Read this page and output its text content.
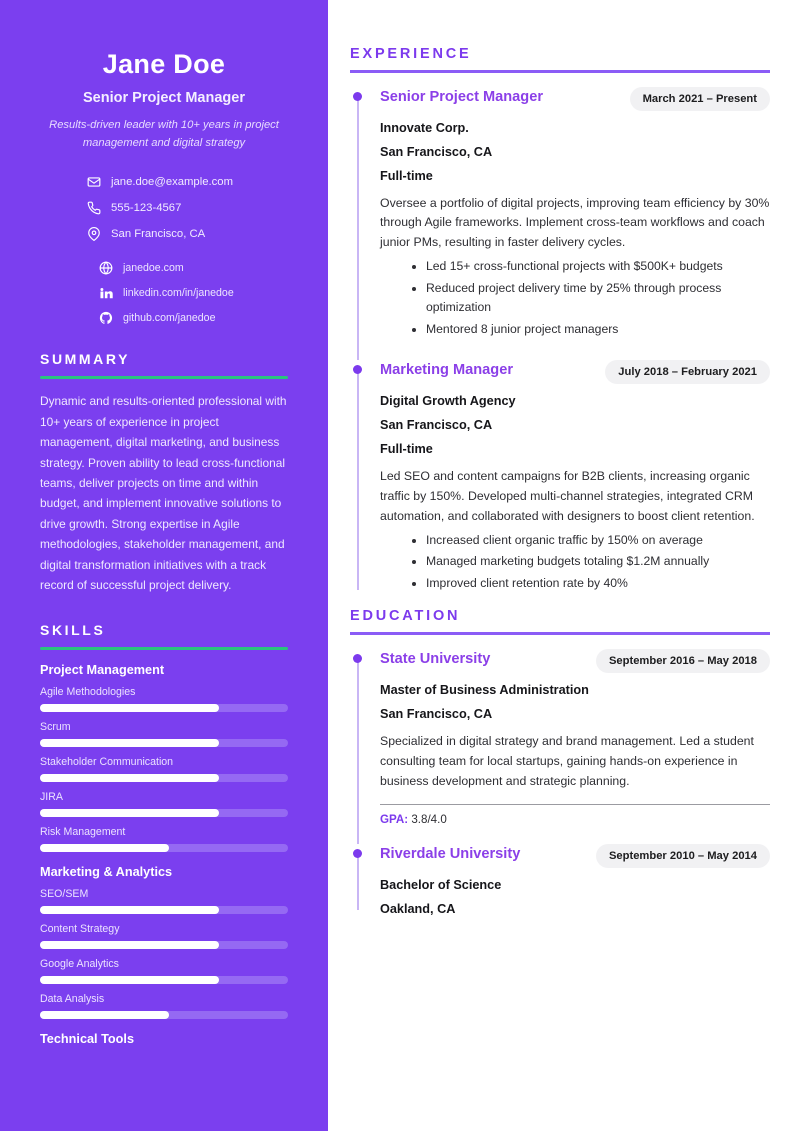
Jane Doe
Senior Project Manager
Results-driven leader with 10+ years in project management and digital strategy
jane.doe@example.com
555-123-4567
San Francisco, CA
janedoe.com
linkedin.com/in/janedoe
github.com/janedoe
SUMMARY

Dynamic and results-oriented professional with 10+ years of experience in project management, digital marketing, and business strategy. Proven ability to lead cross-functional teams, deliver projects on time and within budget, and implement innovative solutions to drive growth. Strong expertise in Agile methodologies, stakeholder management, and digital transformation initiatives with a track record of successful project delivery.

SKILLS
Project Management
Agile Methodologies
Scrum
Stakeholder Communication
JIRA
Risk Management
Marketing & Analytics
SEO/SEM
Content Strategy
Google Analytics
Data Analysis
Technical Tools
EXPERIENCE
Senior Project Manager	March 2021 – Present
Innovate Corp.
San Francisco, CA
Full-time
Oversee a portfolio of digital projects, improving team efficiency by 30% through Agile frameworks. Implement cross-team workflows and coach junior PMs, resulting in faster delivery cycles.
• Led 15+ cross-functional projects with $500K+ budgets
• Reduced project delivery time by 25% through process optimization
• Mentored 8 junior project managers
Marketing Manager	July 2018 – February 2021
Digital Growth Agency
San Francisco, CA
Full-time
Led SEO and content campaigns for B2B clients, increasing organic traffic by 150%. Developed multi-channel strategies, integrated CRM automation, and collaborated with designers to boost client retention.
• Increased client organic traffic by 150% on average
• Managed marketing budgets totaling $1.2M annually
• Improved client retention rate by 40%
EDUCATION
State University	September 2016 – May 2018
Master of Business Administration
San Francisco, CA
Specialized in digital strategy and brand management. Led a student consulting team for local startups, gaining hands-on experience in business development and strategic planning.
GPA: 3.8/4.0
Riverdale University	September 2010 – May 2014
Bachelor of Science
Oakland, CA
